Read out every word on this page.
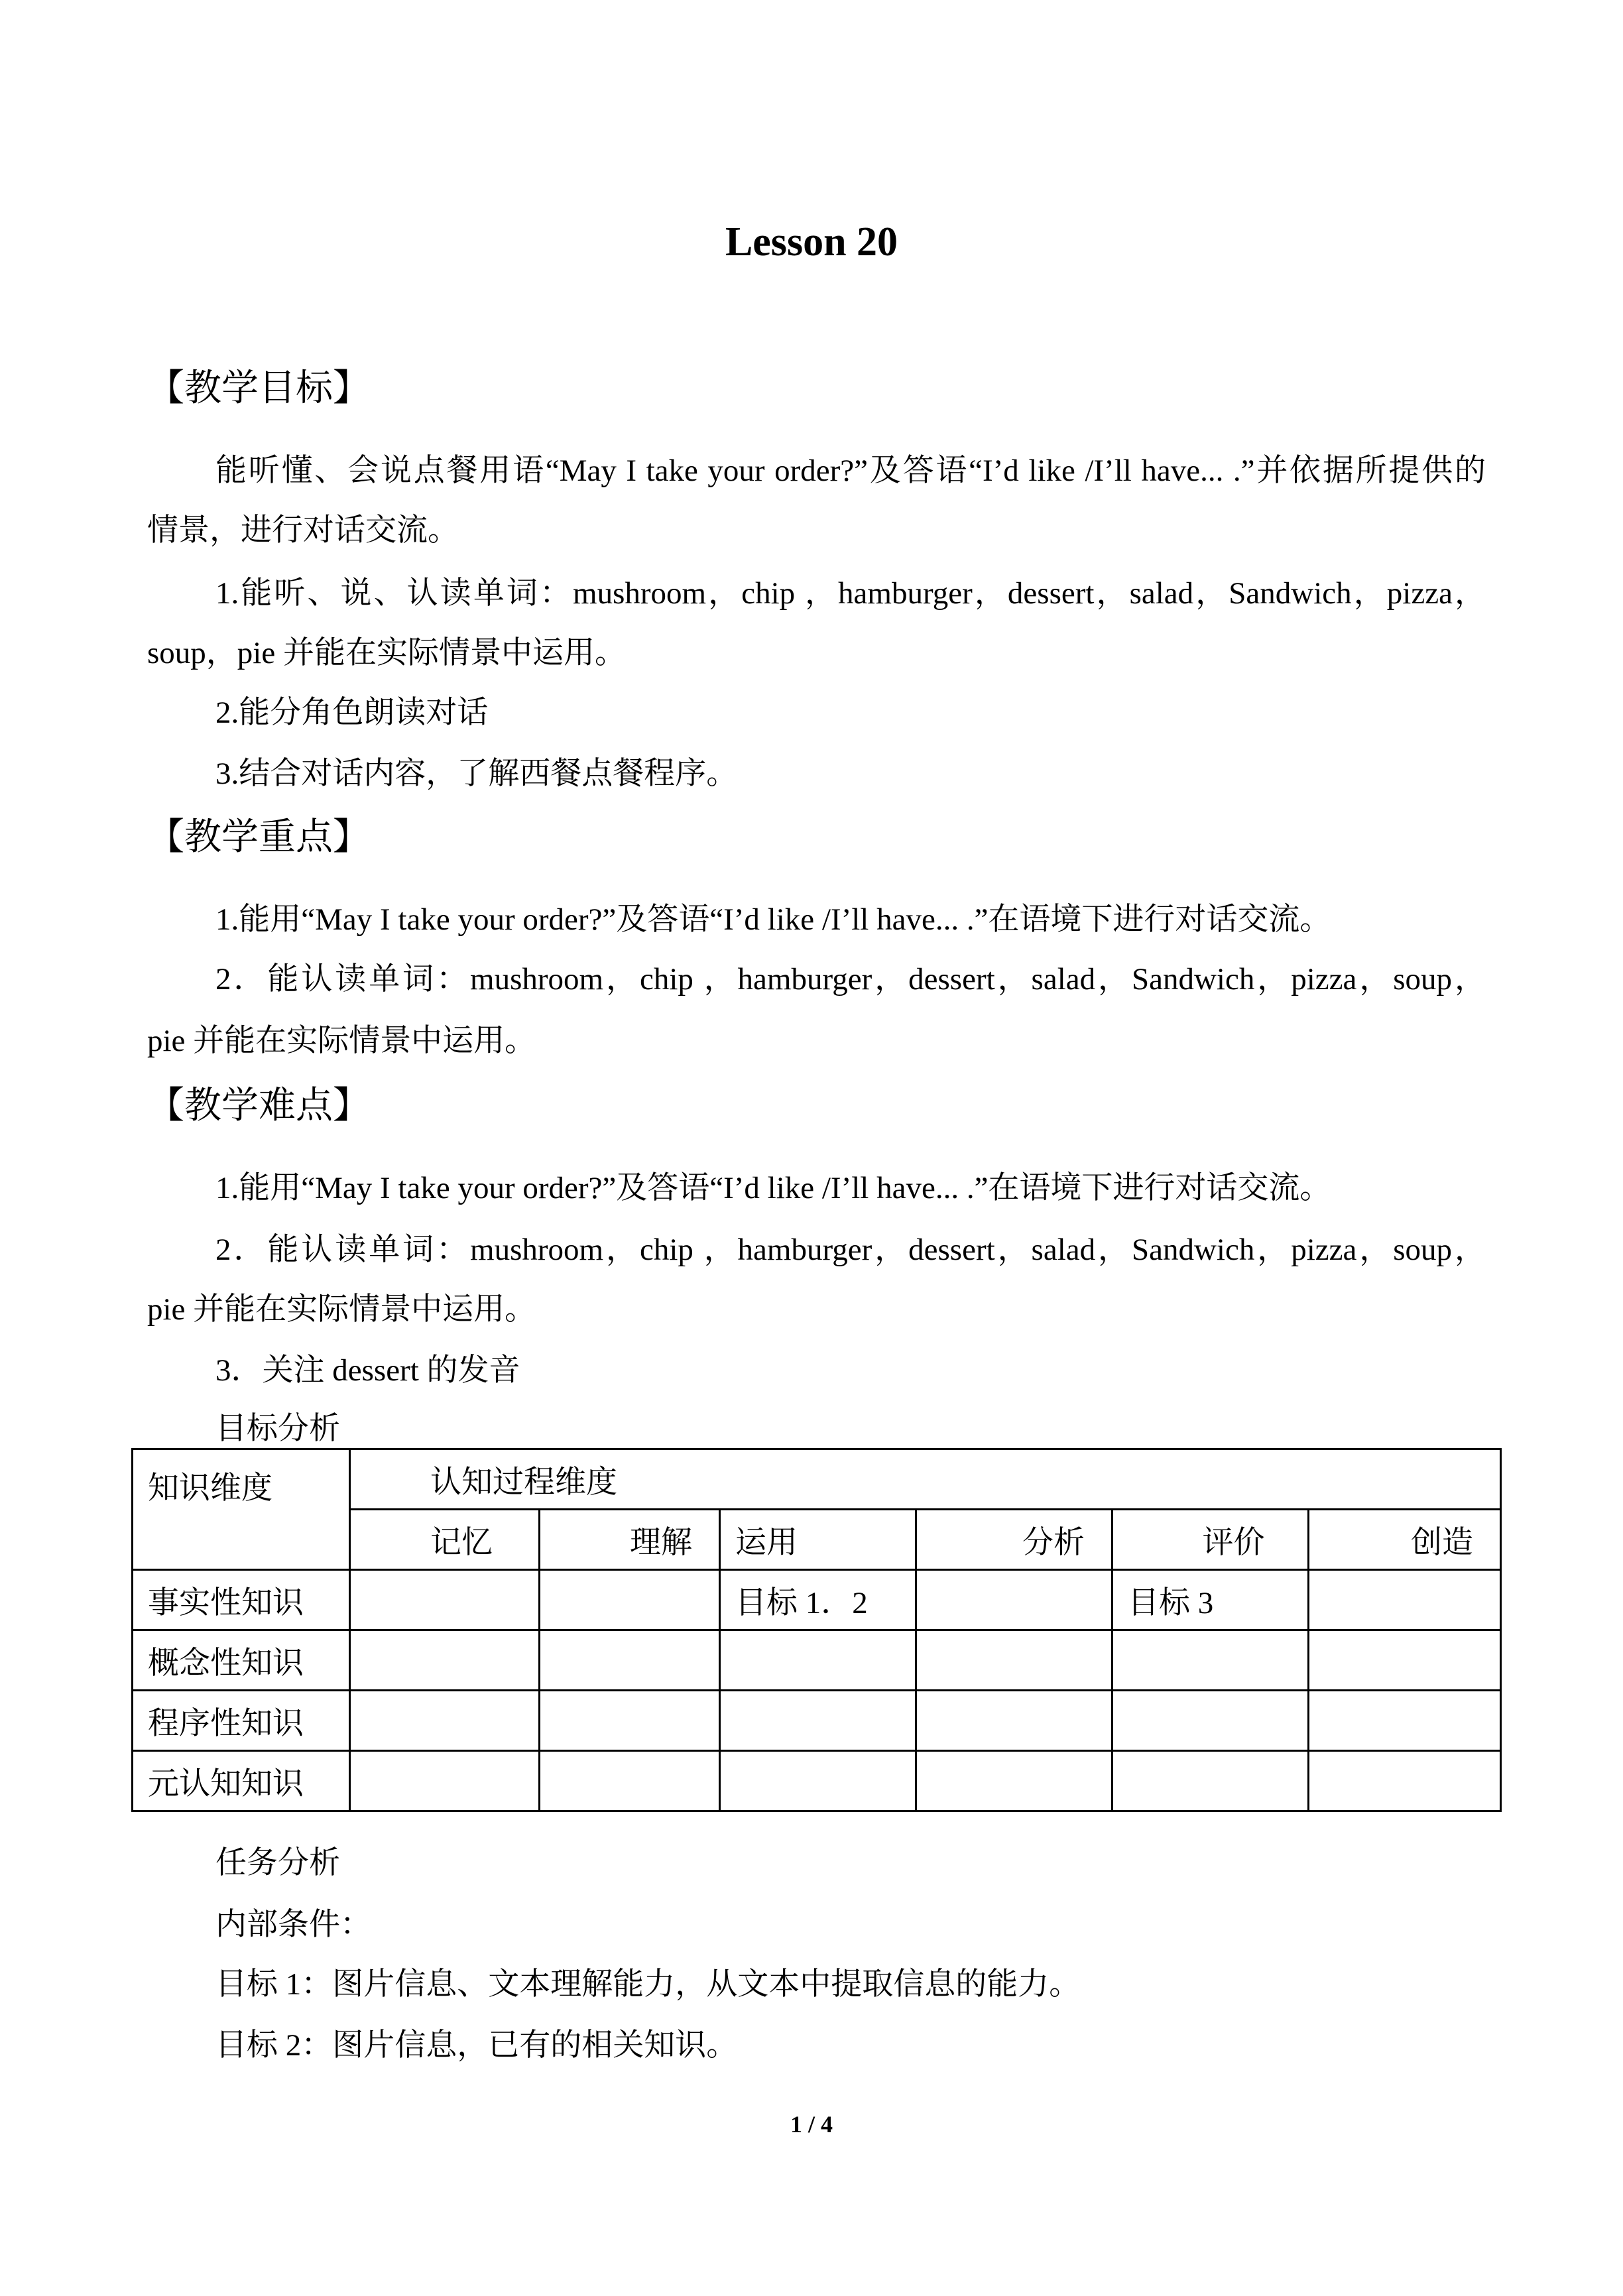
Lesson 20
【教学目标】
能听懂、会说点餐用语“May I take your order?”及答语“I’d like /I’ll have... .”并依据所提供的
情景，进行对话交流。
1.能听、说、认读单词：mushroom，chip ，hamburger，dessert，salad，Sandwich，pizza，
soup，pie 并能在实际情景中运用。
2.能分角色朗读对话
3.结合对话内容，了解西餐点餐程序。
【教学重点】
1.能用“May I take your order?”及答语“I’d like /I’ll have... .”在语境下进行对话交流。
2．能认读单词：mushroom，chip ，hamburger，dessert，salad，Sandwich，pizza，soup，
pie 并能在实际情景中运用。
【教学难点】
1.能用“May I take your order?”及答语“I’d like /I’ll have... .”在语境下进行对话交流。
2．能认读单词：mushroom，chip ，hamburger，dessert，salad，Sandwich，pizza，soup，
pie 并能在实际情景中运用。
3．关注 dessert 的发音
目标分析
知识维度	认知过程维度					
	记忆	理解	运用	分析	评价	创造
事实性知识			目标 1．2		目标 3	
概念性知识						
程序性知识						
元认知知识						
任务分析
内部条件：
目标 1：图片信息、文本理解能力，从文本中提取信息的能力。
目标 2：图片信息，已有的相关知识。
1 / 4
